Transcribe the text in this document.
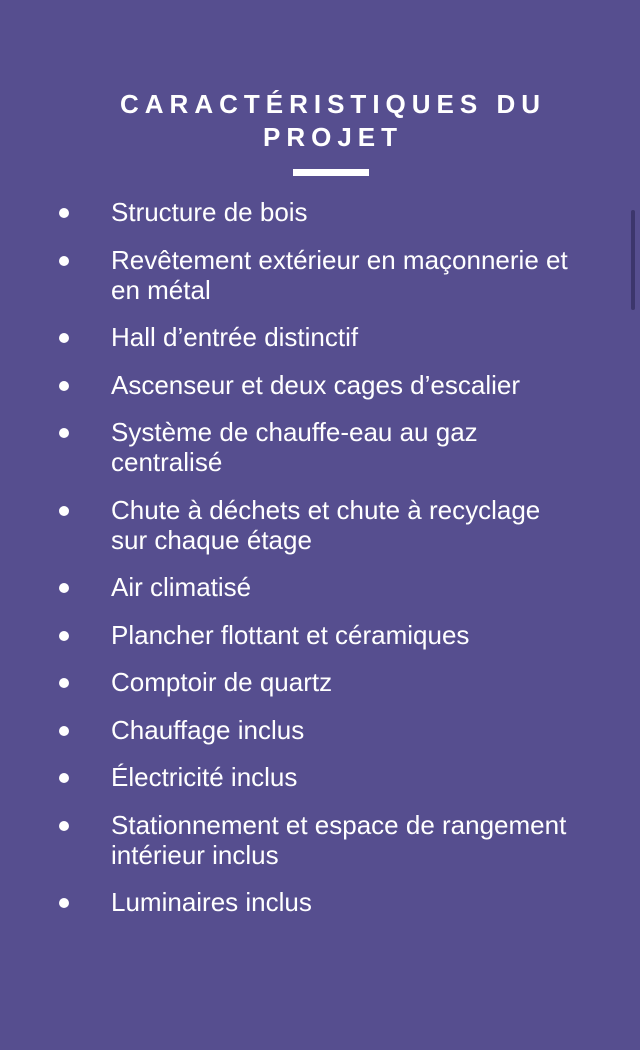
CARACTÉRISTIQUES DU PROJET
Structure de bois
Revêtement extérieur en maçonnerie et en métal
Hall d’entrée distinctif
Ascenseur et deux cages d’escalier
Système de chauffe-eau au gaz centralisé
Chute à déchets et chute à recyclage sur chaque étage
Air climatisé
Plancher flottant et céramiques
Comptoir de quartz
Chauffage inclus
Électricité inclus
Stationnement et espace de rangement intérieur inclus
Luminaires inclus
